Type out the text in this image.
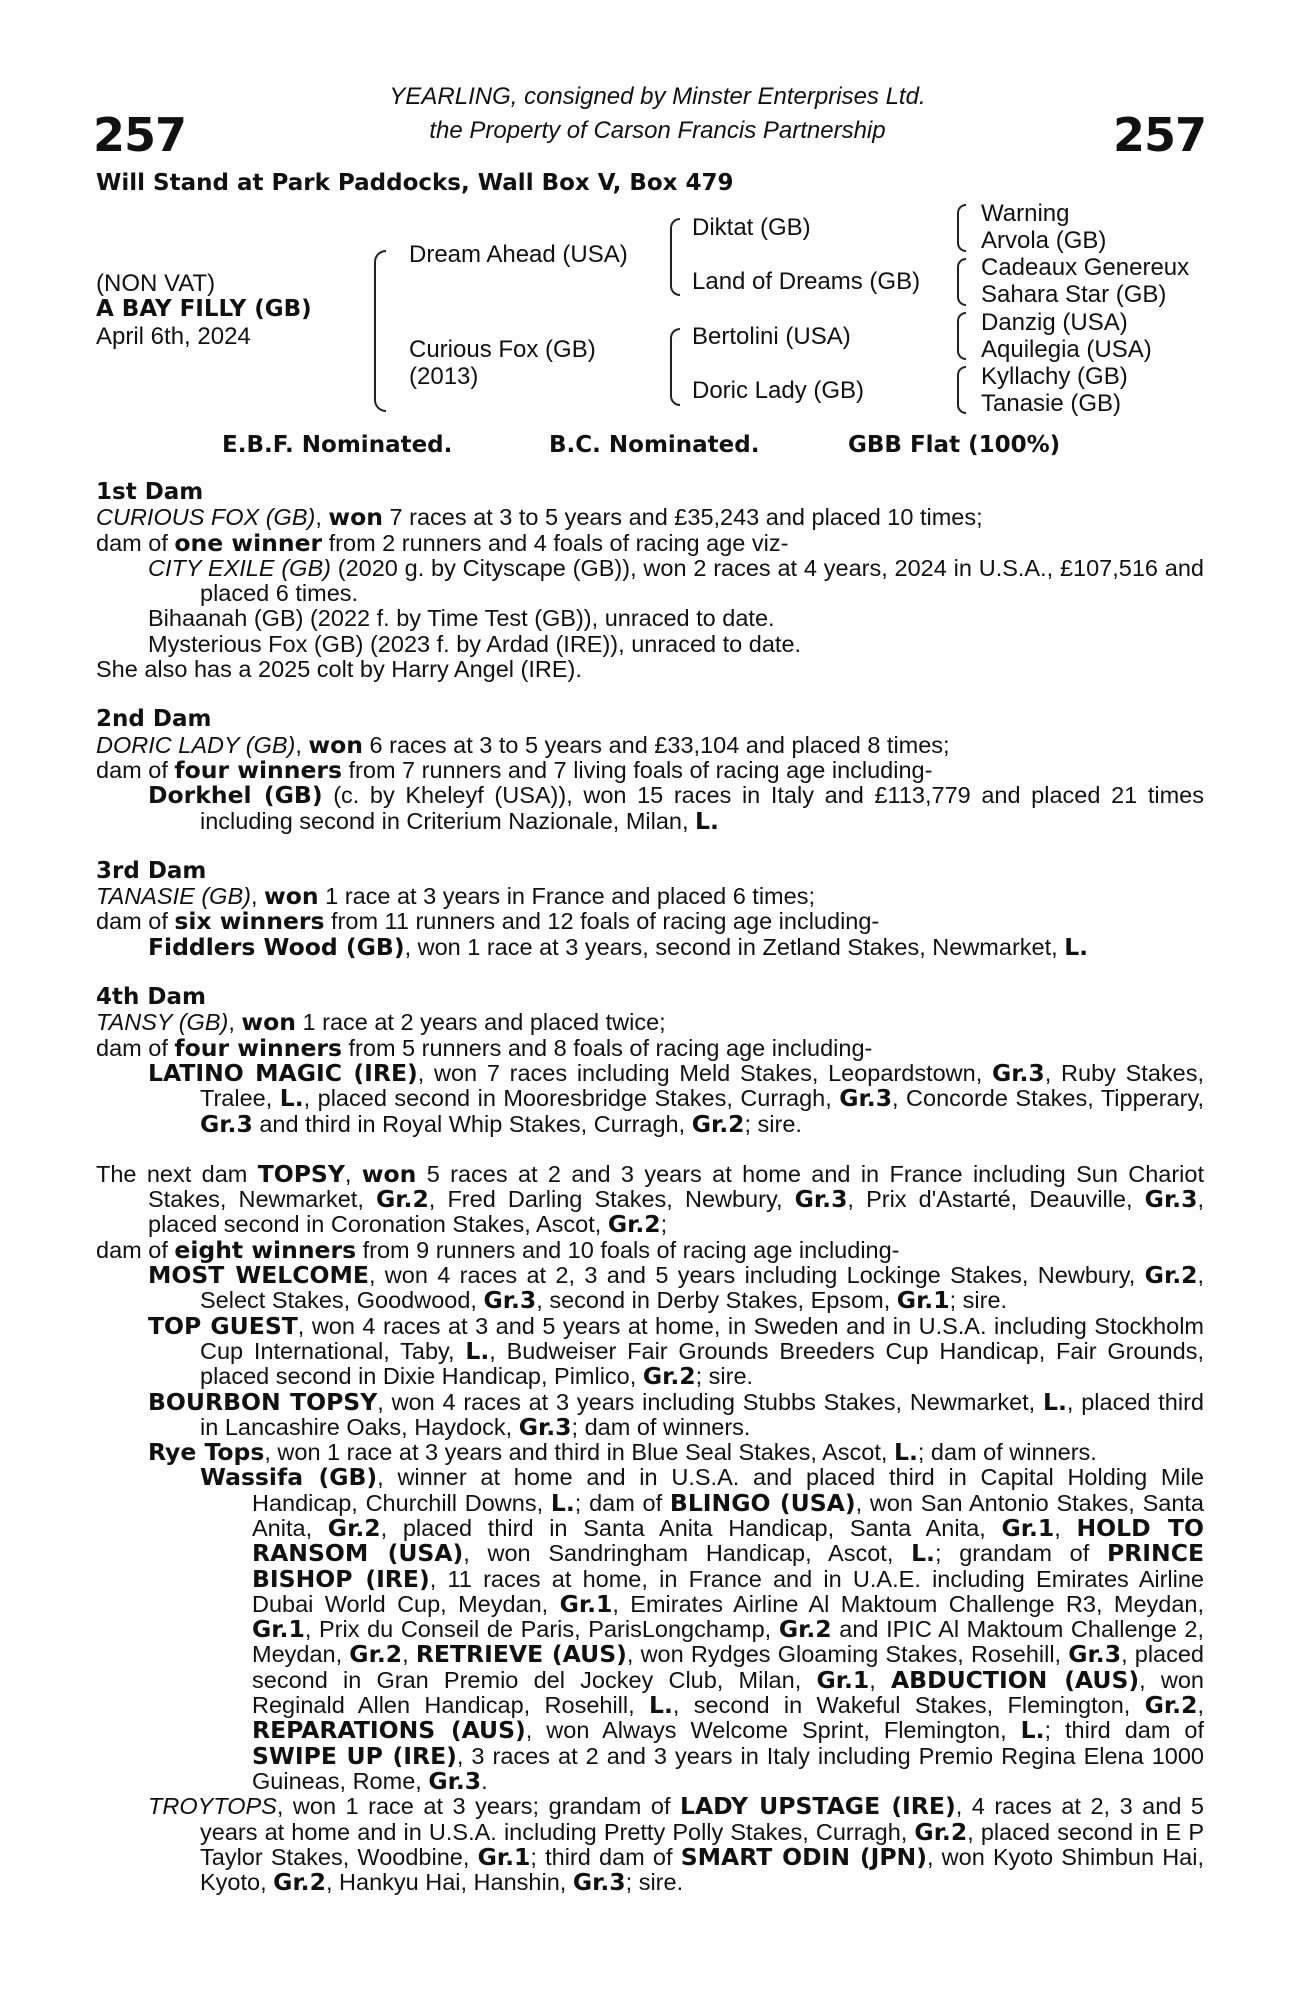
257	257
YEARLING, consigned by Minster Enterprises Ltd.
the Property of Carson Francis Partnership
Will Stand at Park Paddocks, Wall Box V, Box 479
(NON VAT)
A BAY FILLY (GB)
April 6th, 2024
Dream Ahead (USA)
Curious Fox (GB)
(2013)
Diktat (GB)
Land of Dreams (GB)
Bertolini (USA)
Doric Lady (GB)
Warning
Arvola (GB)
Cadeaux Genereux
Sahara Star (GB)
Danzig (USA)
Aquilegia (USA)
Kyllachy (GB)
Tanasie (GB)
E.B.F. Nominated.	B.C. Nominated.	GBB Flat (100%)
1st Dam

CURIOUS FOX (GB), won 7 races at 3 to 5 years and £35,243 and placed 10 times;

dam of one winner from 2 runners and 4 foals of racing age viz-

CITY EXILE (GB) (2020 g. by Cityscape (GB)), won 2 races at 4 years, 2024 in U.S.A., £107,516 and placed 6 times.

Bihaanah (GB) (2022 f. by Time Test (GB)), unraced to date.

Mysterious Fox (GB) (2023 f. by Ardad (IRE)), unraced to date.

She also has a 2025 colt by Harry Angel (IRE).

2nd Dam

DORIC LADY (GB), won 6 races at 3 to 5 years and £33,104 and placed 8 times;

dam of four winners from 7 runners and 7 living foals of racing age including-

Dorkhel (GB) (c. by Kheleyf (USA)), won 15 races in Italy and £113,779 and placed 21 times including second in Criterium Nazionale, Milan, L.

3rd Dam

TANASIE (GB), won 1 race at 3 years in France and placed 6 times;

dam of six winners from 11 runners and 12 foals of racing age including-

Fiddlers Wood (GB), won 1 race at 3 years, second in Zetland Stakes, Newmarket, L.

4th Dam

TANSY (GB), won 1 race at 2 years and placed twice;

dam of four winners from 5 runners and 8 foals of racing age including-

LATINO MAGIC (IRE), won 7 races including Meld Stakes, Leopardstown, Gr.3, Ruby Stakes, Tralee, L., placed second in Mooresbridge Stakes, Curragh, Gr.3, Concorde Stakes, Tipperary, Gr.3 and third in Royal Whip Stakes, Curragh, Gr.2; sire.

The next dam TOPSY, won 5 races at 2 and 3 years at home and in France including Sun Chariot Stakes, Newmarket, Gr.2, Fred Darling Stakes, Newbury, Gr.3, Prix d'Astarté, Deauville, Gr.3, placed second in Coronation Stakes, Ascot, Gr.2;

dam of eight winners from 9 runners and 10 foals of racing age including-

MOST WELCOME, won 4 races at 2, 3 and 5 years including Lockinge Stakes, Newbury, Gr.2, Select Stakes, Goodwood, Gr.3, second in Derby Stakes, Epsom, Gr.1; sire.

TOP GUEST, won 4 races at 3 and 5 years at home, in Sweden and in U.S.A. including Stockholm Cup International, Taby, L., Budweiser Fair Grounds Breeders Cup Handicap, Fair Grounds, placed second in Dixie Handicap, Pimlico, Gr.2; sire.

BOURBON TOPSY, won 4 races at 3 years including Stubbs Stakes, Newmarket, L., placed third in Lancashire Oaks, Haydock, Gr.3; dam of winners.

Rye Tops, won 1 race at 3 years and third in Blue Seal Stakes, Ascot, L.; dam of winners.

Wassifa (GB), winner at home and in U.S.A. and placed third in Capital Holding Mile Handicap, Churchill Downs, L.; dam of BLINGO (USA), won San Antonio Stakes, Santa Anita, Gr.2, placed third in Santa Anita Handicap, Santa Anita, Gr.1, HOLD TO RANSOM (USA), won Sandringham Handicap, Ascot, L.; grandam of PRINCE BISHOP (IRE), 11 races at home, in France and in U.A.E. including Emirates Airline Dubai World Cup, Meydan, Gr.1, Emirates Airline Al Maktoum Challenge R3, Meydan, Gr.1, Prix du Conseil de Paris, ParisLongchamp, Gr.2 and IPIC Al Maktoum Challenge 2, Meydan, Gr.2, RETRIEVE (AUS), won Rydges Gloaming Stakes, Rosehill, Gr.3, placed second in Gran Premio del Jockey Club, Milan, Gr.1, ABDUCTION (AUS), won Reginald Allen Handicap, Rosehill, L., second in Wakeful Stakes, Flemington, Gr.2, REPARATIONS (AUS), won Always Welcome Sprint, Flemington, L.; third dam of SWIPE UP (IRE), 3 races at 2 and 3 years in Italy including Premio Regina Elena 1000 Guineas, Rome, Gr.3.

TROYTOPS, won 1 race at 3 years; grandam of LADY UPSTAGE (IRE), 4 races at 2, 3 and 5 years at home and in U.S.A. including Pretty Polly Stakes, Curragh, Gr.2, placed second in E P Taylor Stakes, Woodbine, Gr.1; third dam of SMART ODIN (JPN), won Kyoto Shimbun Hai, Kyoto, Gr.2, Hankyu Hai, Hanshin, Gr.3; sire.
